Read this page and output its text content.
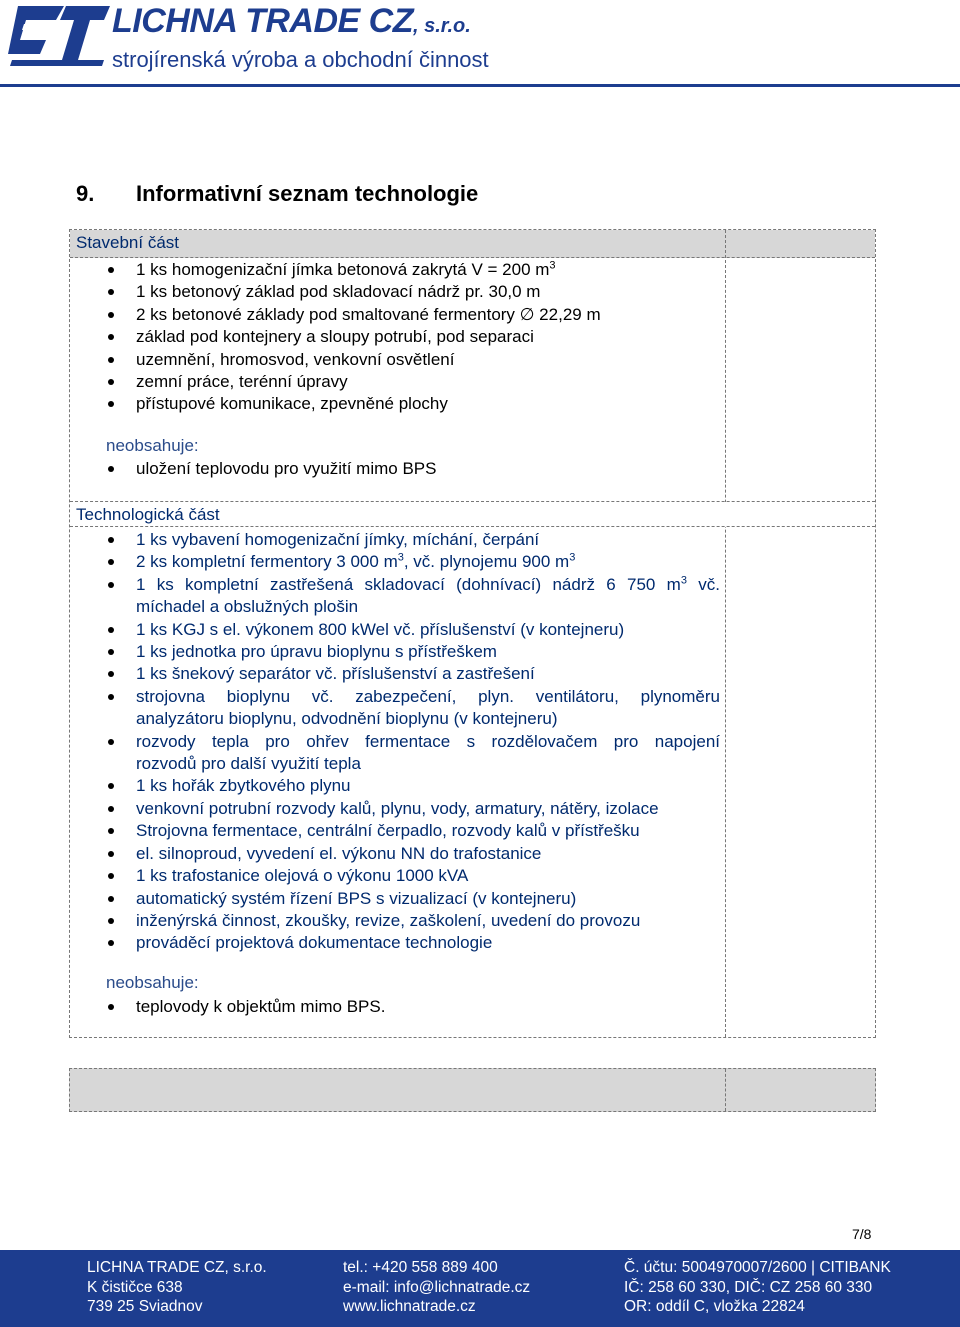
LICHNA TRADE CZ, s.r.o.
strojírenská výroba a obchodní činnost
9. Informativní seznam technologie
Stavební část
1 ks homogenizační jímka betonová zakrytá V = 200 $m^3$
1 ks betonový základ pod skladovací nádrž pr. 30,0 m
2 ks betonové základy pod smaltované fermentory ∅ 22,29 m
základ pod kontejnery a sloupy potrubí, pod separaci
uzemnění, hromosvod, venkovní osvětlení
zemní práce, terénní úpravy
přístupové komunikace, zpevněné plochy
neobsahuje:
uložení teplovodu pro využití mimo BPS
Technologická část
1 ks vybavení homogenizační jímky, míchání, čerpání
2 ks kompletní fermentory 3 000 $m^3$, vč. plynojemu 900 $m^3$
1 ks kompletní zastřešená skladovací (dohnívací) nádrž 6 750 $m^3$ vč.
míchadel a obslužných plošin
1 ks KGJ s el. výkonem 800 kWel vč. příslušenství (v kontejneru)
1 ks jednotka pro úpravu bioplynu s přístřeškem
1 ks šnekový separátor vč. příslušenství a zastřešení
strojovna bioplynu vč. zabezpečení, plyn. ventilátoru, plynoměru
analyzátoru bioplynu, odvodnění bioplynu (v kontejneru)
rozvody tepla pro ohřev fermentace s rozdělovačem pro napojení
rozvodů pro další využití tepla
1 ks hořák zbytkového plynu
venkovní potrubní rozvody kalů, plynu, vody, armatury, nátěry, izolace
Strojovna fermentace, centrální čerpadlo, rozvody kalů v přístřešku
el. silnoproud, vyvedení el. výkonu NN do trafostanice
1 ks trafostanice olejová o výkonu 1000 kVA
automatický systém řízení BPS s vizualizací (v kontejneru)
inženýrská činnost, zkoušky, revize, zaškolení, uvedení do provozu
prováděcí projektová dokumentace technologie
neobsahuje:
teplovody k objektům mimo BPS.
7/8
LICHNA TRADE CZ, s.r.o.
K čističce 638
739 25 Sviadnov
tel.: +420 558 889 400
e-mail: info@lichnatrade.cz
www.lichnatrade.cz
Č. účtu: 5004970007/2600 | CITIBANK
IČ: 258 60 330, DIČ: CZ 258 60 330
OR: oddíl C, vložka 22824
